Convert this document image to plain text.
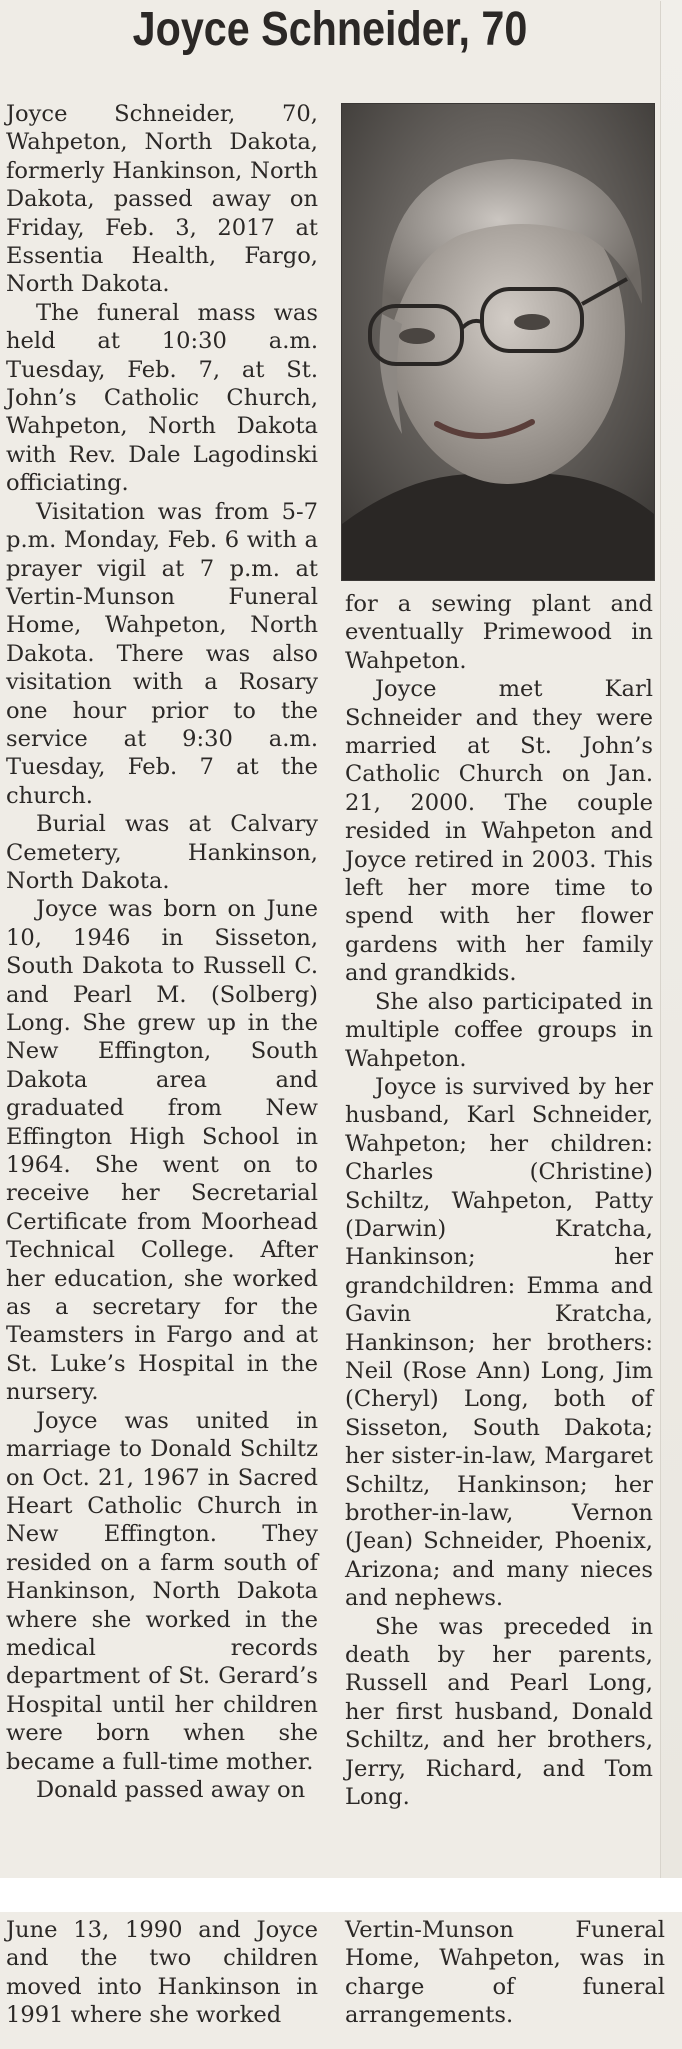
Joyce Schneider, 70

Joyce Schneider, 70, Wahpeton, North Dakota, formerly Hankinson, North Dakota, passed away on Friday, Feb. 3, 2017 at Essentia Health, Fargo, North Dakota.

The funeral mass was held at 10:30 a.m. Tuesday, Feb. 7, at St. John’s Catholic Church, Wahpeton, North Dakota with Rev. Dale Lagodinski officiating.

Visitation was from 5-7 p.m. Monday, Feb. 6 with a prayer vigil at 7 p.m. at Vertin-Munson Funeral Home, Wahpeton, North Dakota. There was also visitation with a Rosary one hour prior to the service at 9:30 a.m. Tuesday, Feb. 7 at the church.

Burial was at Calvary Cemetery, Hankinson, North Dakota.

Joyce was born on June 10, 1946 in Sisseton, South Dakota to Russell C. and Pearl M. (Solberg) Long. She grew up in the New Effington, South Dakota area and graduated from New Effington High School in 1964. She went on to receive her Secretarial Certificate from Moorhead Technical College. After her education, she worked as a secretary for the Teamsters in Fargo and at St. Luke’s Hospital in the nursery.

Joyce was united in marriage to Donald Schiltz on Oct. 21, 1967 in Sacred Heart Catholic Church in New Effington. They resided on a farm south of Hankinson, North Dakota where she worked in the medical records department of St. Gerard’s Hospital until her children were born when she became a full-time mother.

Donald passed away on

for a sewing plant and eventually Primewood in Wahpeton.

Joyce met Karl Schneider and they were married at St. John’s Catholic Church on Jan. 21, 2000. The couple resided in Wahpeton and Joyce retired in 2003. This left her more time to spend with her flower gardens with her family and grandkids.

She also participated in multiple coffee groups in Wahpeton.

Joyce is survived by her husband, Karl Schneider, Wahpeton; her children: Charles (Christine) Schiltz, Wahpeton, Patty (Darwin) Kratcha, Hankinson; her grandchildren: Emma and Gavin Kratcha, Hankinson; her brothers: Neil (Rose Ann) Long, Jim (Cheryl) Long, both of Sisseton, South Dakota; her sister-in-law, Margaret Schiltz, Hankinson; her brother-in-law, Vernon (Jean) Schneider, Phoenix, Arizona; and many nieces and nephews.

She was preceded in death by her parents, Russell and Pearl Long, her first husband, Donald Schiltz, and her brothers, Jerry, Richard, and Tom Long.

June 13, 1990 and Joyce and the two children moved into Hankinson in 1991 where she worked

Vertin-Munson Funeral Home, Wahpeton, was in charge of funeral arrangements.
